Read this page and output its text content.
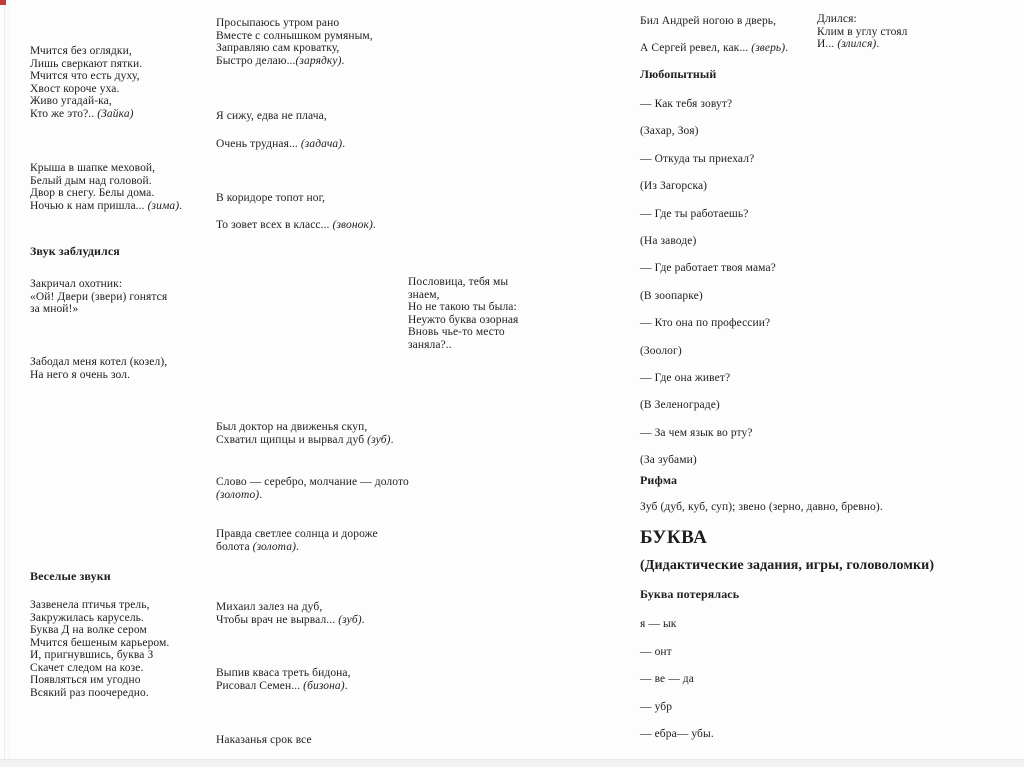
Мчится без оглядки,
Лишь сверкают пятки.
Мчится что есть духу,
Хвост короче уха.
Живо угадай-ка,
Кто же это?.. (Зайка)
Крыша в шапке меховой,
Белый дым над головой.
Двор в снегу. Белы дома.
Ночью к нам пришла... (зима).
Звук заблудился
Закричал охотник:
«Ой! Двери (звери) гонятся
за мной!»
Забодал меня котел (козел),
На него я очень зол.
Веселые звуки
Зазвенела птичья трель,
Закружилась карусель.
Буква Д на волке сером
Мчится бешеным карьером.
И, пригнувшись, буква З
Скачет следом на козе.
Появляться им угодно
Всякий раз поочередно.
Просыпаюсь утром рано
Вместе с солнышком румяным,
Заправляю сам кроватку,
Быстро делаю...(зарядку).
Я сижу, едва не плача,
Очень трудная... (задача).
В коридоре топот ног,
То зовет всех в класс... (звонок).
Был доктор на движенья скуп,
Схватил щипцы и вырвал дуб (зуб).
Слово — серебро, молчание — долото
(золото).
Правда светлее солнца и дороже
болота (золота).
Михаил залез на дуб,
Чтобы врач не вырвал... (зуб).
Выпив кваса треть бидона,
Рисовал Семен... (бизона).
Наказанья срок все
Пословица, тебя мы
знаем,
Но не такою ты была:
Неужто буква озорная
Вновь чье-то место
заняла?..
Бил Андрей ногою в дверь,
А Сергей ревел, как... (зверь).
Любопытный
— Как тебя зовут?
(Захар, Зоя)
— Откуда ты приехал?
(Из Загорска)
— Где ты работаешь?
(На заводе)
— Где работает твоя мама?
(В зоопарке)
— Кто она по профессии?
(Зоолог)
— Где она живет?
(В Зеленограде)
— За чем язык во рту?
(За зубами)
Рифма
Зуб (дуб, куб, суп); звено (зерно, давно, бревно).
БУКВА
(Дидактические задания, игры, головоломки)
Буква потерялась
я — ык
— онт
— ве — да
— убр
— ебра— убы.
Длился:
Клим в углу стоял
И... (злился).
